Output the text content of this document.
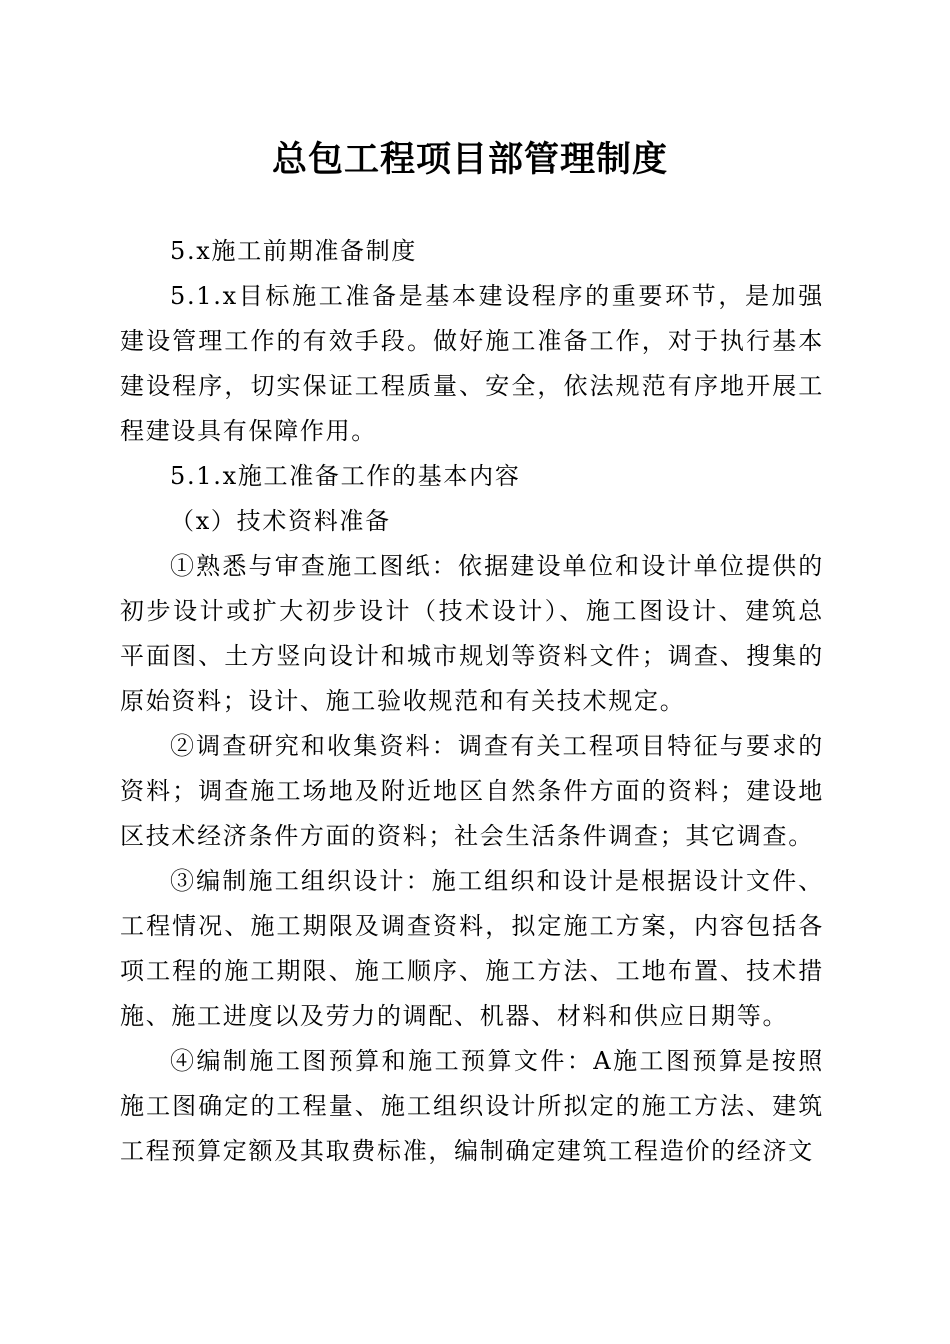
总包工程项目部管理制度

5.x施工前期准备制度

5.1.x目标施工准备是基本建设程序的重要环节，是加强建设管理工作的有效手段。做好施工准备工作，对于执行基本建设程序，切实保证工程质量、安全，依法规范有序地开展工程建设具有保障作用。

5.1.x施工准备工作的基本内容

（x）技术资料准备

①熟悉与审查施工图纸：依据建设单位和设计单位提供的初步设计或扩大初步设计（技术设计）、施工图设计、建筑总平面图、土方竖向设计和城市规划等资料文件；调查、搜集的原始资料；设计、施工验收规范和有关技术规定。

②调查研究和收集资料：调查有关工程项目特征与要求的资料；调查施工场地及附近地区自然条件方面的资料；建设地区技术经济条件方面的资料；社会生活条件调查；其它调查。

③编制施工组织设计：施工组织和设计是根据设计文件、工程情况、施工期限及调查资料，拟定施工方案，内容包括各项工程的施工期限、施工顺序、施工方法、工地布置、技术措施、施工进度以及劳力的调配、机器、材料和供应日期等。

④编制施工图预算和施工预算文件：A施工图预算是按照施工图确定的工程量、施工组织设计所拟定的施工方法、建筑工程预算定额及其取费标准，编制确定建筑工程造价的经济文
